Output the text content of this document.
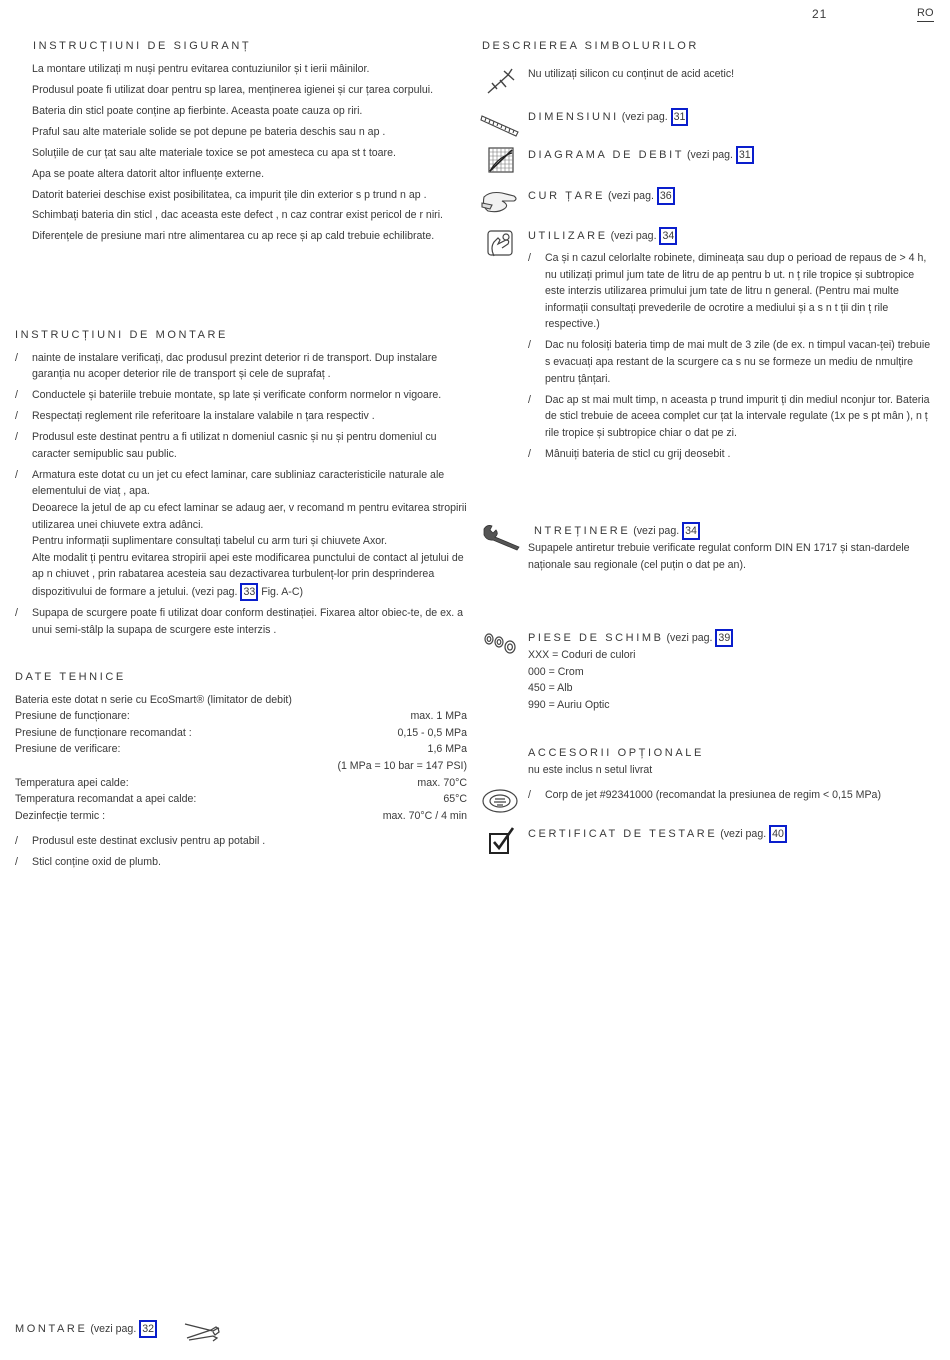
21	RO
INSTRUCȚIUNI DE SIGURANȚ

La montare utilizați m nuși pentru evitarea contuziunilor și t ierii mâinilor.

Produsul poate fi utilizat doar pentru sp larea, menținerea igienei și cur țarea corpului.

Bateria din sticl poate conține ap fierbinte. Aceasta poate cauza op riri.

Praful sau alte materiale solide se pot depune pe bateria deschis sau n ap .

Soluțiile de cur țat sau alte materiale toxice se pot amesteca cu apa st t toare.

Apa se poate altera datorit altor influențe externe.

Datorit bateriei deschise exist posibilitatea, ca impurit țile din exterior s p trund n ap .

Schimbați bateria din sticl , dac aceasta este defect , n caz contrar exist pericol de r niri.

Diferențele de presiune mari ntre alimentarea cu ap rece și ap cald trebuie echilibrate.

INSTRUCȚIUNI DE MONTARE
/ nainte de instalare verificați, dac produsul prezint deterior ri de transport. Dup instalare garanția nu acoper deterior rile de transport și cele de suprafaț .
/ Conductele și bateriile trebuie montate, sp late și verificate conform normelor n vigoare.
/ Respectați reglement rile referitoare la instalare valabile n țara respectiv .
/ Produsul este destinat pentru a fi utilizat n domeniul casnic și nu și pentru domeniul cu caracter semipublic sau public.
/ Armatura este dotat cu un jet cu efect laminar, care subliniaz caracteristicile naturale ale elementului de viaț , apa.

Deoarece la jetul de ap cu efect laminar se adaug aer, v recomand m pentru evitarea stropirii utilizarea unei chiuvete extra adânci.

Pentru informații suplimentare consultați tabelul cu arm turi și chiuvete Axor.

Alte modalit ți pentru evitarea stropirii apei este modificarea punctului de contact al jetului de ap n chiuvet , prin rabatarea acesteia sau dezactivarea turbulenț-lor prin desprinderea dispozitivului de formare a jetului. (vezi pag. 33 Fig. A-C)

/ Supapa de scurgere poate fi utilizat doar conform destinației. Fixarea altor obiec-te, de ex. a unui semi-stâlp la supapa de scurgere este interzis .
DATE TEHNICE

Bateria este dotat n serie cu EcoSmart® (limitator de debit)

Presiune de funcționare:	max. 1 MPa
Presiune de funcționare recomandat :	0,15 - 0,5 MPa
Presiune de verificare:	1,6 MPa
(1 MPa = 10 bar = 147 PSI)
Temperatura apei calde:	max. 70°C
Temperatura recomandat a apei calde:	65°C
Dezinfecție termic :	max. 70°C / 4 min
/ Produsul este destinat exclusiv pentru ap potabil .
/ Sticl conține oxid de plumb.
MONTARE (vezi pag. 32
DESCRIEREA SIMBOLURILOR

Nu utilizați silicon cu conținut de acid acetic!

DIMENSIUNI (vezi pag. 31
DIAGRAMA DE DEBIT (vezi pag. 31
CUR ȚARE (vezi pag. 36
UTILIZARE (vezi pag. 34
/ Ca și n cazul celorlalte robinete, dimineața sau dup o perioad de repaus de > 4 h, nu utilizați primul jum tate de litru de ap pentru b ut. n ț rile tropice și subtropice este interzis utilizarea primului jum tate de litru n general. (Pentru mai multe informații consultați prevederile de ocrotire a mediului și a s n t ții din ț rile respective.)
/ Dac nu folosiți bateria timp de mai mult de 3 zile (de ex. n timpul vacan-ței) trebuie s evacuați apa restant de la scurgere ca s nu se formeze un mediu de nmulțire pentru țânțari.
/ Dac ap st mai mult timp, n aceasta p trund impurit ți din mediul nconjur tor. Bateria de sticl trebuie de aceea complet cur țat la intervale regulate (1x pe s pt mân ), n ț rile tropice și subtropice chiar o dat pe zi.
/ Mânuiți bateria de sticl cu grij deosebit .
NTREȚINERE (vezi pag. 34

Supapele antiretur trebuie verificate regulat conform DIN EN 1717 și stan-dardele naționale sau regionale (cel puțin o dat pe an).

PIESE DE SCHIMB (vezi pag. 39

XXX = Coduri de culori

000 = Crom

450 = Alb

990 = Auriu Optic

ACCESORII OPȚIONALE

nu este inclus n setul livrat

/ Corp de jet #92341000 (recomandat la presiunea de regim < 0,15 MPa)
CERTIFICAT DE TESTARE (vezi pag. 40
